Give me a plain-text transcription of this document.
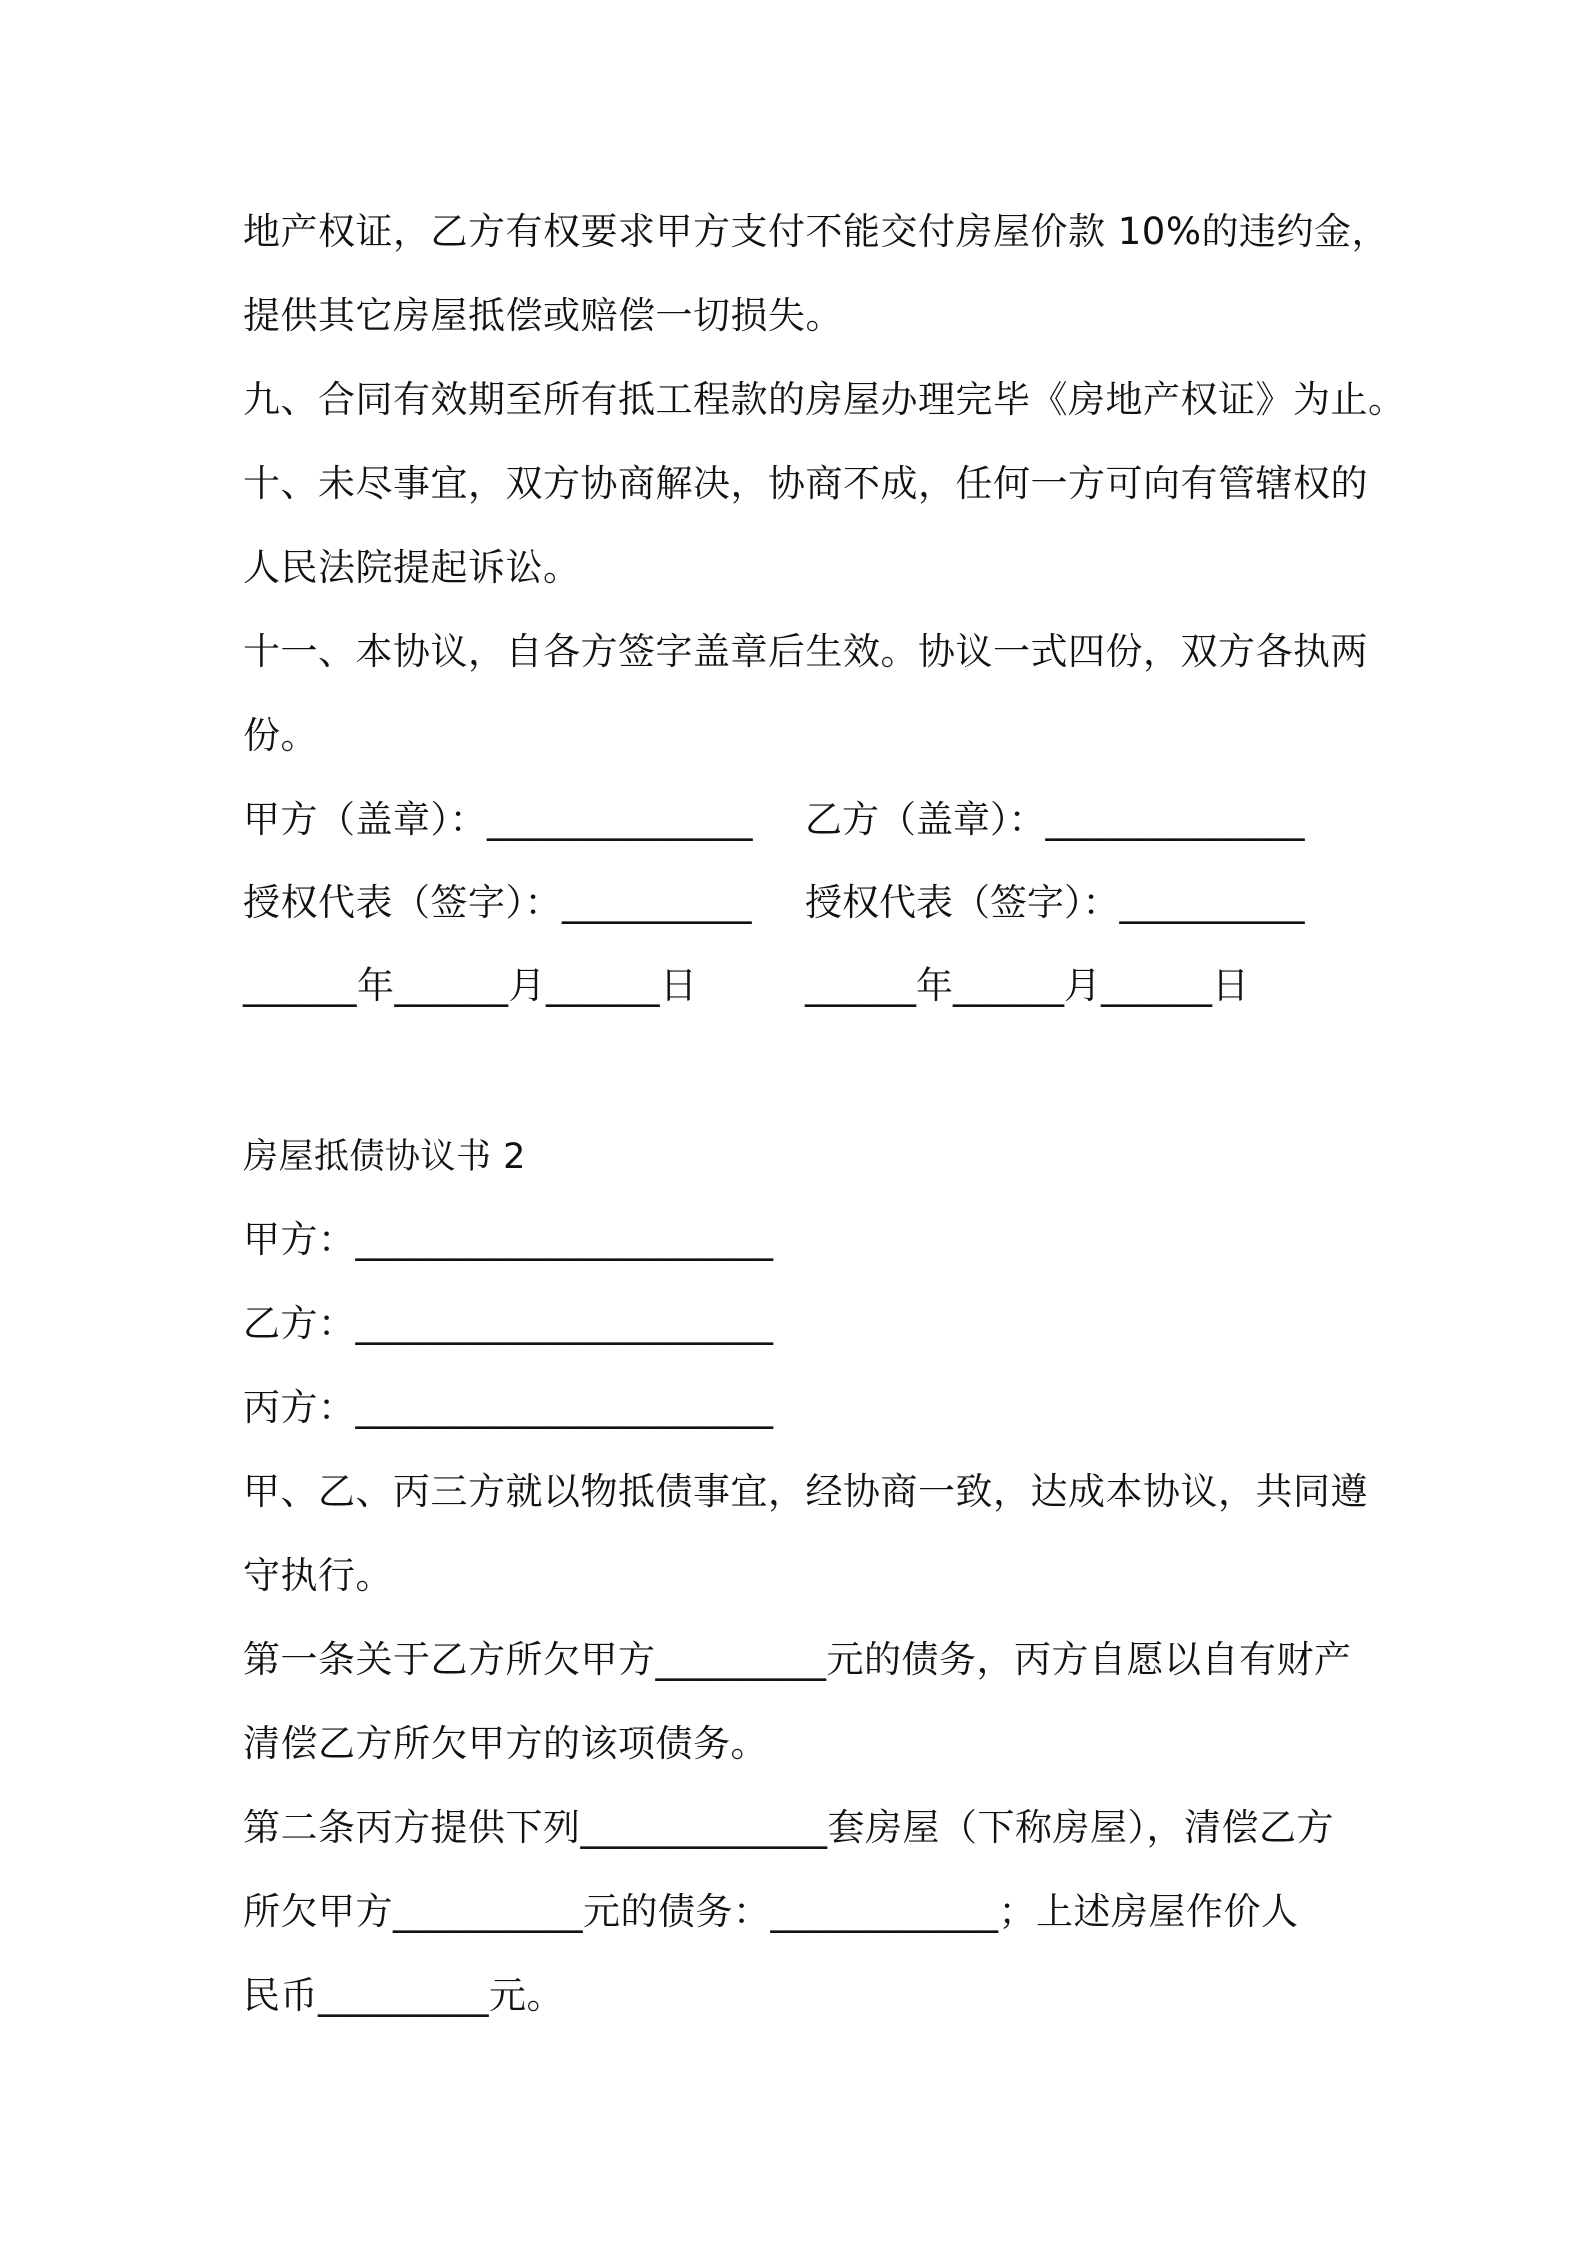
地产权证，乙方有权要求甲方支付不能交付房屋价款 10%的违约金，
提供其它房屋抵偿或赔偿一切损失。
九、合同有效期至所有抵工程款的房屋办理完毕《房地产权证》为止。
十、未尽事宜，双方协商解决，协商不成，任何一方可向有管辖权的
人民法院提起诉讼。
十一、本协议，自各方签字盖章后生效。协议一式四份，双方各执两
份。
甲方（盖章）：______________ 乙方（盖章）：______________
授权代表（签字）：__________ 授权代表（签字）：__________
______年______月______日	______年______月______日
房屋抵债协议书 2
甲方：______________________
乙方：______________________
丙方：______________________
甲、乙、丙三方就以物抵债事宜，经协商一致，达成本协议，共同遵
守执行。
第一条关于乙方所欠甲方_________元的债务，丙方自愿以自有财产
清偿乙方所欠甲方的该项债务。
第二条丙方提供下列_____________套房屋（下称房屋），清偿乙方
所欠甲方__________元的债务：____________；上述房屋作价人
民币_________元。
